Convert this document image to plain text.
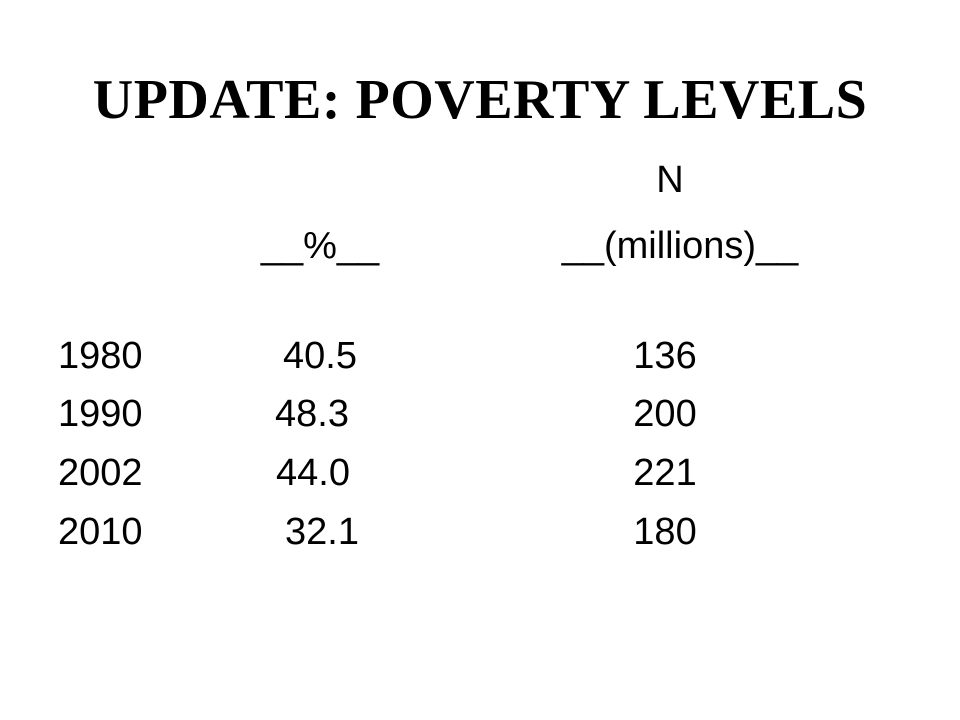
UPDATE: POVERTY LEVELS
N
__%__	__(millions)__
1980	40.5	136
1990	48.3	200
2002	44.0	221
2010	32.1	180
